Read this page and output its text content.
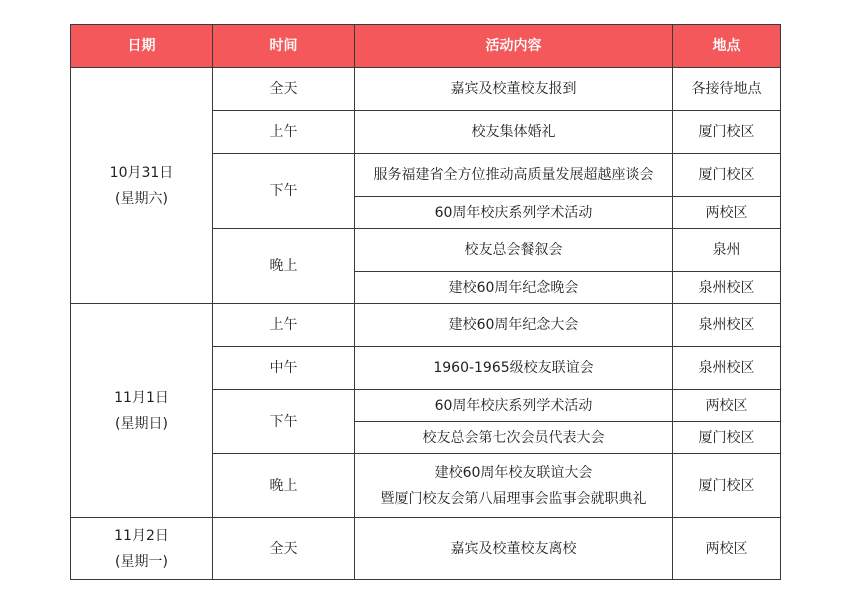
日期	时间	活动内容	地点

10月31日
(星期六)	全天	嘉宾及校董校友报到	各接待地点
	上午	校友集体婚礼	厦门校区
	下午	服务福建省全方位推动高质量发展超越座谈会	厦门校区
		60周年校庆系列学术活动	两校区
	晚上	校友总会餐叙会	泉州
		建校60周年纪念晚会	泉州校区

11月1日
(星期日)	上午	建校60周年纪念大会	泉州校区
	中午	1960-1965级校友联谊会	泉州校区
	下午	60周年校庆系列学术活动	两校区
		校友总会第七次会员代表大会	厦门校区
	晚上	建校60周年校友联谊大会
暨厦门校友会第八届理事会监事会就职典礼	厦门校区

11月2日
(星期一)	全天	嘉宾及校董校友离校	两校区
